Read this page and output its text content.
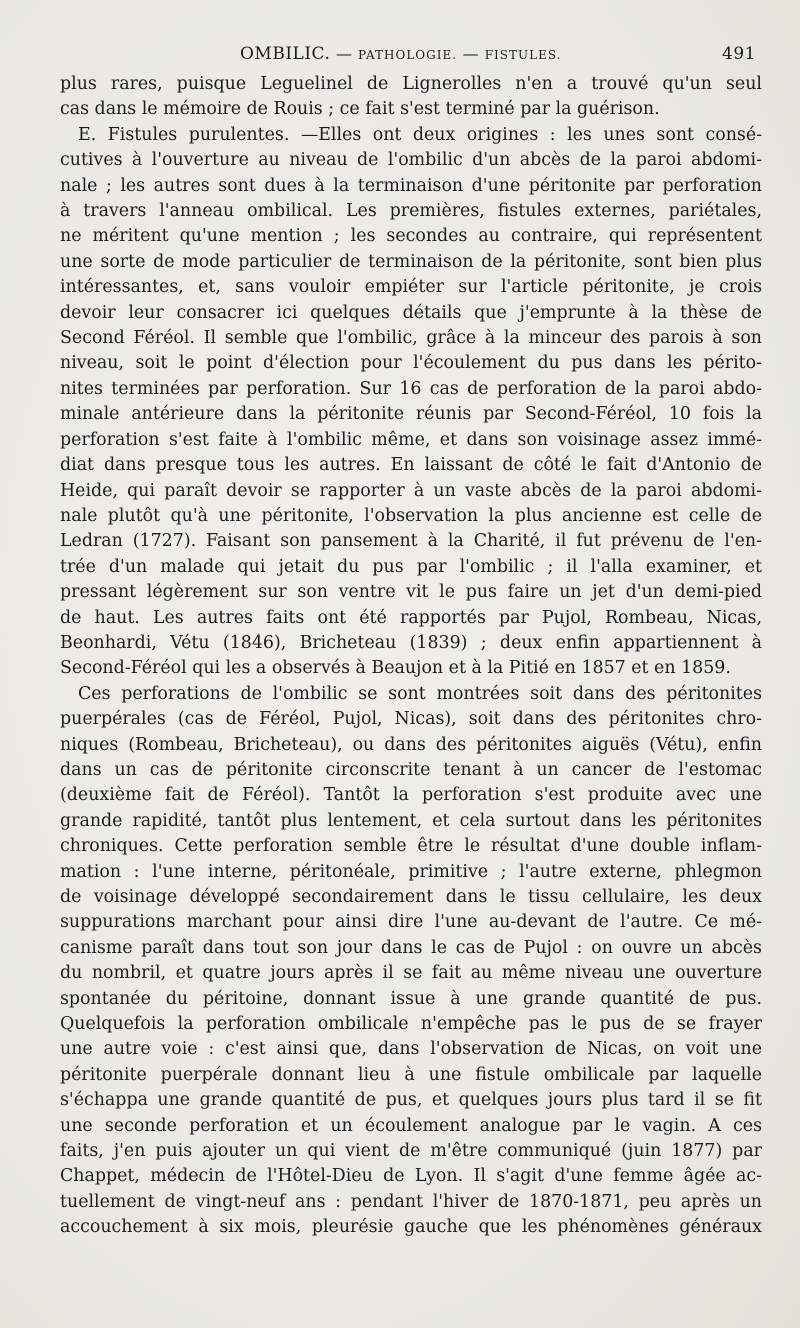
OMBILIC. — PATHOLOGIE. — FISTULES.	491
plus rares, puisque Leguelinel de Lignerolles n'en a trouvé qu'un seul
cas dans le mémoire de Rouis ; ce fait s'est terminé par la guérison.
E. Fistules purulentes. —Elles ont deux origines : les unes sont consé-
cutives à l'ouverture au niveau de l'ombilic d'un abcès de la paroi abdomi-
nale ; les autres sont dues à la terminaison d'une péritonite par perforation
à travers l'anneau ombilical. Les premières, fistules externes, pariétales,
ne méritent qu'une mention ; les secondes au contraire, qui représentent
une sorte de mode particulier de terminaison de la péritonite, sont bien plus
intéressantes, et, sans vouloir empiéter sur l'article péritonite, je crois
devoir leur consacrer ici quelques détails que j'emprunte à la thèse de
Second Féréol. Il semble que l'ombilic, grâce à la minceur des parois à son
niveau, soit le point d'élection pour l'écoulement du pus dans les périto-
nites terminées par perforation. Sur 16 cas de perforation de la paroi abdo-
minale antérieure dans la péritonite réunis par Second-Féréol, 10 fois la
perforation s'est faite à l'ombilic même, et dans son voisinage assez immé-
diat dans presque tous les autres. En laissant de côté le fait d'Antonio de
Heide, qui paraît devoir se rapporter à un vaste abcès de la paroi abdomi-
nale plutôt qu'à une péritonite, l'observation la plus ancienne est celle de
Ledran (1727). Faisant son pansement à la Charité, il fut prévenu de l'en-
trée d'un malade qui jetait du pus par l'ombilic ; il l'alla examiner, et
pressant légèrement sur son ventre vit le pus faire un jet d'un demi-pied
de haut. Les autres faits ont été rapportés par Pujol, Rombeau, Nicas,
Beonhardi, Vétu (1846), Bricheteau (1839) ; deux enfin appartiennent à
Second-Féréol qui les a observés à Beaujon et à la Pitié en 1857 et en 1859.
Ces perforations de l'ombilic se sont montrées soit dans des péritonites
puerpérales (cas de Féréol, Pujol, Nicas), soit dans des péritonites chro-
niques (Rombeau, Bricheteau), ou dans des péritonites aiguës (Vétu), enfin
dans un cas de péritonite circonscrite tenant à un cancer de l'estomac
(deuxième fait de Féréol). Tantôt la perforation s'est produite avec une
grande rapidité, tantôt plus lentement, et cela surtout dans les péritonites
chroniques. Cette perforation semble être le résultat d'une double inflam-
mation : l'une interne, péritonéale, primitive ; l'autre externe, phlegmon
de voisinage développé secondairement dans le tissu cellulaire, les deux
suppurations marchant pour ainsi dire l'une au-devant de l'autre. Ce mé-
canisme paraît dans tout son jour dans le cas de Pujol : on ouvre un abcès
du nombril, et quatre jours après il se fait au même niveau une ouverture
spontanée du péritoine, donnant issue à une grande quantité de pus.
Quelquefois la perforation ombilicale n'empêche pas le pus de se frayer
une autre voie : c'est ainsi que, dans l'observation de Nicas, on voit une
péritonite puerpérale donnant lieu à une fistule ombilicale par laquelle
s'échappa une grande quantité de pus, et quelques jours plus tard il se fit
une seconde perforation et un écoulement analogue par le vagin. A ces
faits, j'en puis ajouter un qui vient de m'être communiqué (juin 1877) par
Chappet, médecin de l'Hôtel-Dieu de Lyon. Il s'agit d'une femme âgée ac-
tuellement de vingt-neuf ans : pendant l'hiver de 1870-1871, peu après un
accouchement à six mois, pleurésie gauche que les phénomènes généraux
